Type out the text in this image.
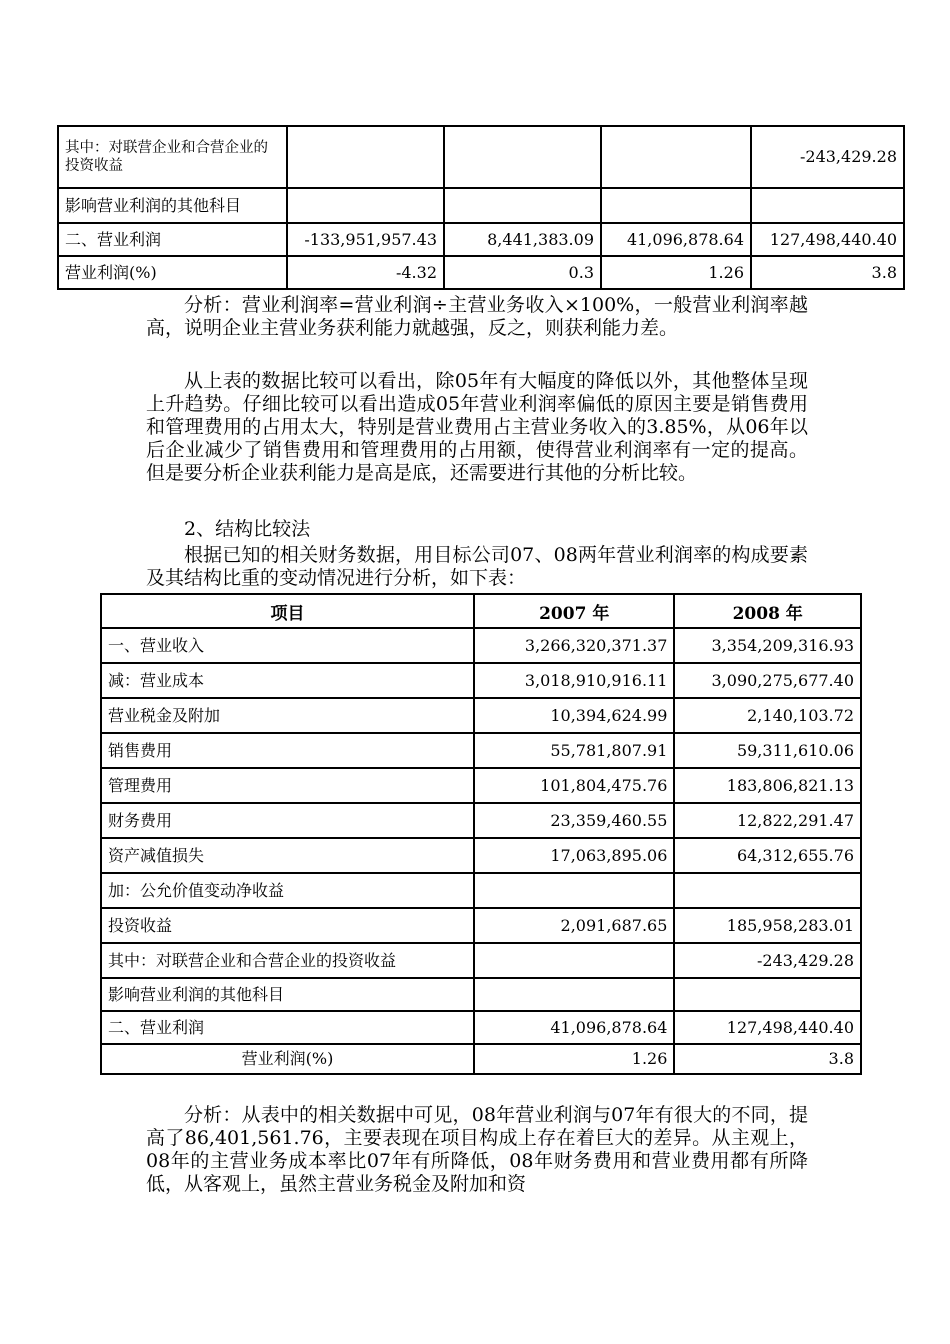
其中：对联营企业和合营企业的投资收益				-243,429.28
影响营业利润的其他科目				
二、营业利润	-133,951,957.43	8,441,383.09	41,096,878.64	127,498,440.40
营业利润(%)	-4.32	0.3	1.26	3.8

分析：营业利润率=营业利润÷主营业务收入×100%，一般营业利润率越高，说明企业主营业务获利能力就越强，反之，则获利能力差。

从上表的数据比较可以看出，除05年有大幅度的降低以外，其他整体呈现上升趋势。仔细比较可以看出造成05年营业利润率偏低的原因主要是销售费用和管理费用的占用太大，特别是营业费用占主营业务收入的3.85%，从06年以后企业减少了销售费用和管理费用的占用额，使得营业利润率有一定的提高。但是要分析企业获利能力是高是底，还需要进行其他的分析比较。

2、结构比较法

根据已知的相关财务数据，用目标公司07、08两年营业利润率的构成要素及其结构比重的变动情况进行分析，如下表：

项目	2007 年	2008 年
一、营业收入	3,266,320,371.37	3,354,209,316.93
减：营业成本	3,018,910,916.11	3,090,275,677.40
营业税金及附加	10,394,624.99	2,140,103.72
销售费用	55,781,807.91	59,311,610.06
管理费用	101,804,475.76	183,806,821.13
财务费用	23,359,460.55	12,822,291.47
资产减值损失	17,063,895.06	64,312,655.76
加：公允价值变动净收益		
投资收益	2,091,687.65	185,958,283.01
其中：对联营企业和合营企业的投资收益		-243,429.28
影响营业利润的其他科目		
二、营业利润	41,096,878.64	127,498,440.40
营业利润(%)	1.26	3.8

分析：从表中的相关数据中可见，08年营业利润与07年有很大的不同，提高了86,401,561.76，主要表现在项目构成上存在着巨大的差异。从主观上，08年的主营业务成本率比07年有所降低，08年财务费用和营业费用都有所降低，从客观上，虽然主营业务税金及附加和资
